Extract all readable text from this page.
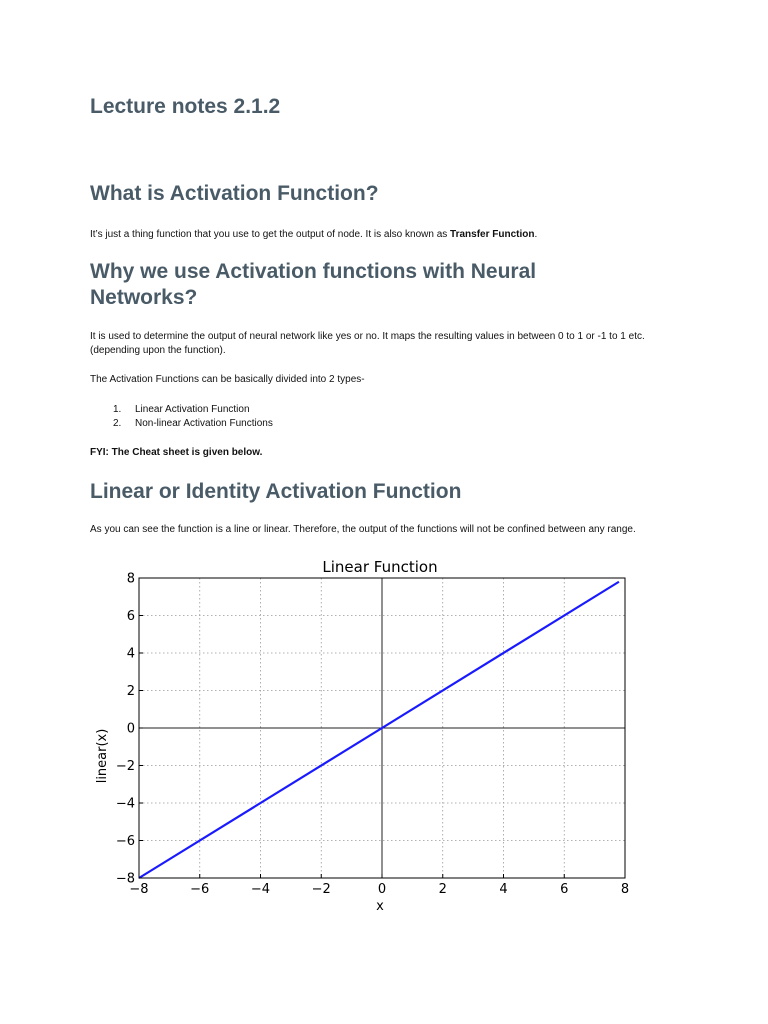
Lecture notes 2.1.2
What is Activation Function?

It’s just a thing function that you use to get the output of node. It is also known as Transfer Function.

Why we use Activation functions with Neural Networks?

It is used to determine the output of neural network like yes or no. It maps the resulting values in between 0 to 1 or -1 to 1 etc. (depending upon the function).

The Activation Functions can be basically divided into 2 types-

1. Linear Activation Function
2. Non-linear Activation Functions

FYI: The Cheat sheet is given below.

Linear or Identity Activation Function

As you can see the function is a line or linear. Therefore, the output of the functions will not be confined between any range.

Linear Function
−8	−6	−4	−2	0	2	4	6	8
−8
−6
−4
−2
0
2
4
6
8
x
linear(x)
